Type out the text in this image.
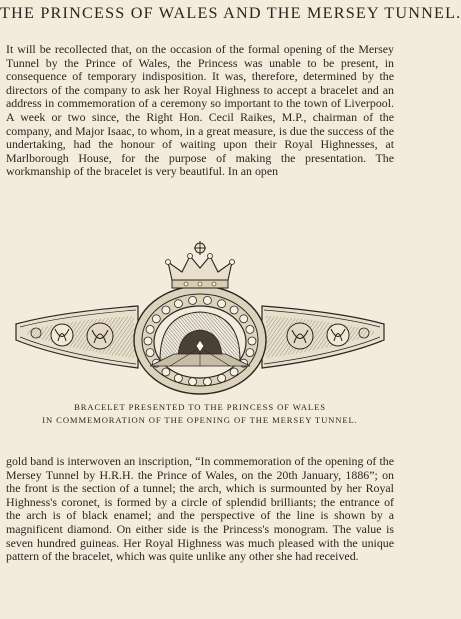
THE PRINCESS OF WALES AND THE MERSEY TUNNEL.

It will be recollected that, on the occasion of the formal opening of the Mersey Tunnel by the Prince of Wales, the Princess was unable to be present, in consequence of temporary indisposition. It was, therefore, determined by the directors of the company to ask her Royal Highness to accept a bracelet and an address in commemoration of a ceremony so important to the town of Liverpool. A week or two since, the Right Hon. Cecil Raikes, M.P., chairman of the company, and Major Isaac, to whom, in a great measure, is due the success of the undertaking, had the honour of waiting upon their Royal Highnesses, at Marlborough House, for the purpose of making the presentation. The workmanship of the bracelet is very beautiful. In an open

BRACELET PRESENTED TO THE PRINCESS OF WALES
IN COMMEMORATION OF THE OPENING OF THE MERSEY TUNNEL.

gold band is interwoven an inscription, “In commemoration of the opening of the Mersey Tunnel by H.R.H. the Prince of Wales, on the 20th January, 1886”; on the front is the section of a tunnel; the arch, which is surmounted by her Royal Highness's coronet, is formed by a circle of splendid brilliants; the entrance of the arch is of black enamel; and the perspective of the line is shown by a magnificent diamond. On either side is the Princess's monogram. The value is seven hundred guineas. Her Royal Highness was much pleased with the unique pattern of the bracelet, which was quite unlike any other she had received.
